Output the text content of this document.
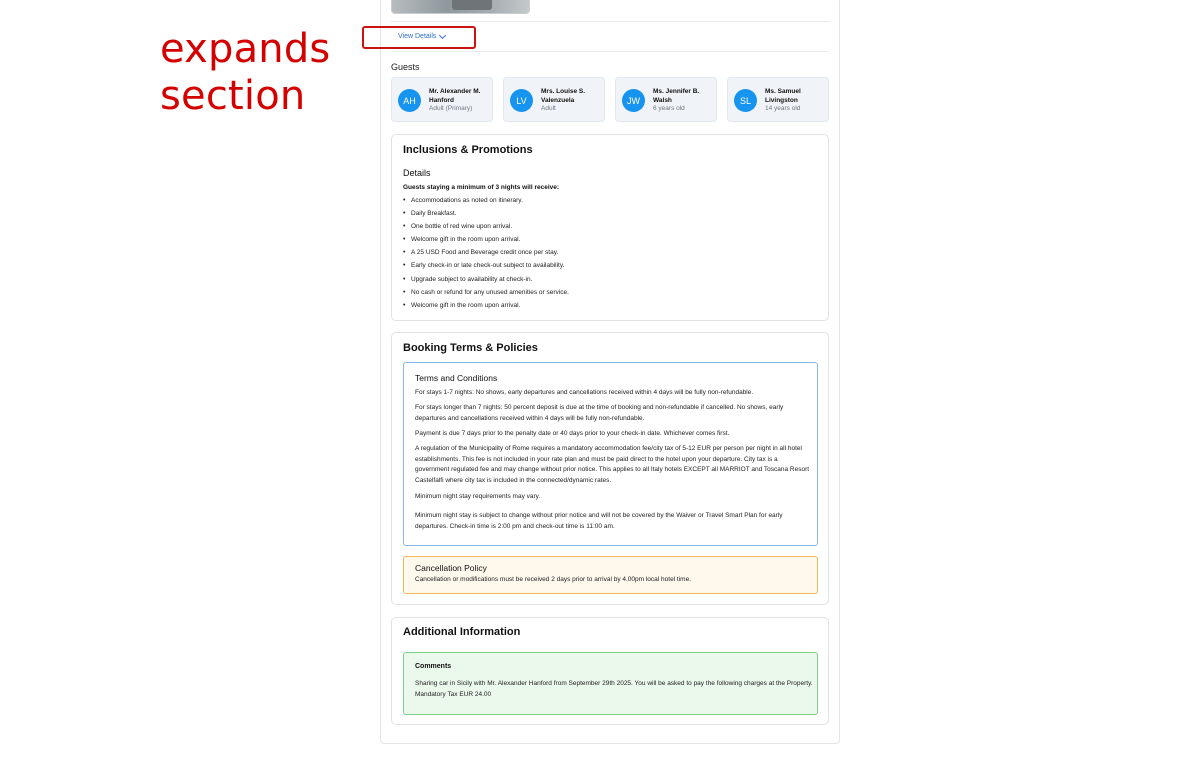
expands
section
View Details
Guests
AH
Mr. Alexander M. Hanford
Adult (Primary)
LV
Mrs. Louise S. Valenzuela
Adult
JW
Ms. Jennifer B. Walsh
6 years old
SL
Ms. Samuel Livingston
14 years old
Inclusions & Promotions
Details
Guests staying a minimum of 3 nights will receive:
• Accommodations as noted on itinerary.
• Daily Breakfast.
• One bottle of red wine upon arrival.
• Welcome gift in the room upon arrival.
• A 25 USD Food and Beverage credit once per stay.
• Early check-in or late check-out subject to availability.
• Upgrade subject to availability at check-in.
• No cash or refund for any unused amenities or service.
• Welcome gift in the room upon arrival.
Booking Terms & Policies
Terms and Conditions
For stays 1-7 nights: No shows, early departures and cancellations received within 4 days will be fully non-refundable.
For stays longer than 7 nights: 50 percent deposit is due at the time of booking and non-refundable if cancelled. No shows, early departures and cancellations received within 4 days will be fully non-refundable.
Payment is due 7 days prior to the penalty date or 40 days prior to your check-in date. Whichever comes first.
A regulation of the Municipality of Rome requires a mandatory accommodation fee/city tax of 5-12 EUR per person per night in all hotel establishments. This fee is not included in your rate plan and must be paid direct to the hotel upon your departure. City tax is a government regulated fee and may change without prior notice. This applies to all Italy hotels EXCEPT all MARRIOT and Toscana Resort Castelfalfi where city tax is included in the connected/dynamic rates.
Minimum night stay requirements may vary.
Minimum night stay is subject to change without prior notice and will not be covered by the Waiver or Travel Smart Plan for early departures. Check-in time is 2:00 pm and check-out time is 11:00 am.
Cancellation Policy
Cancellation or modifications must be received 2 days prior to arrival by 4.00pm local hotel time.
Additional Information
Comments
Sharing car in Sicily with Mr. Alexander Hanford from September 29th 2025. You will be asked to pay the following charges at the Property. Mandatory Tax EUR 24.00
